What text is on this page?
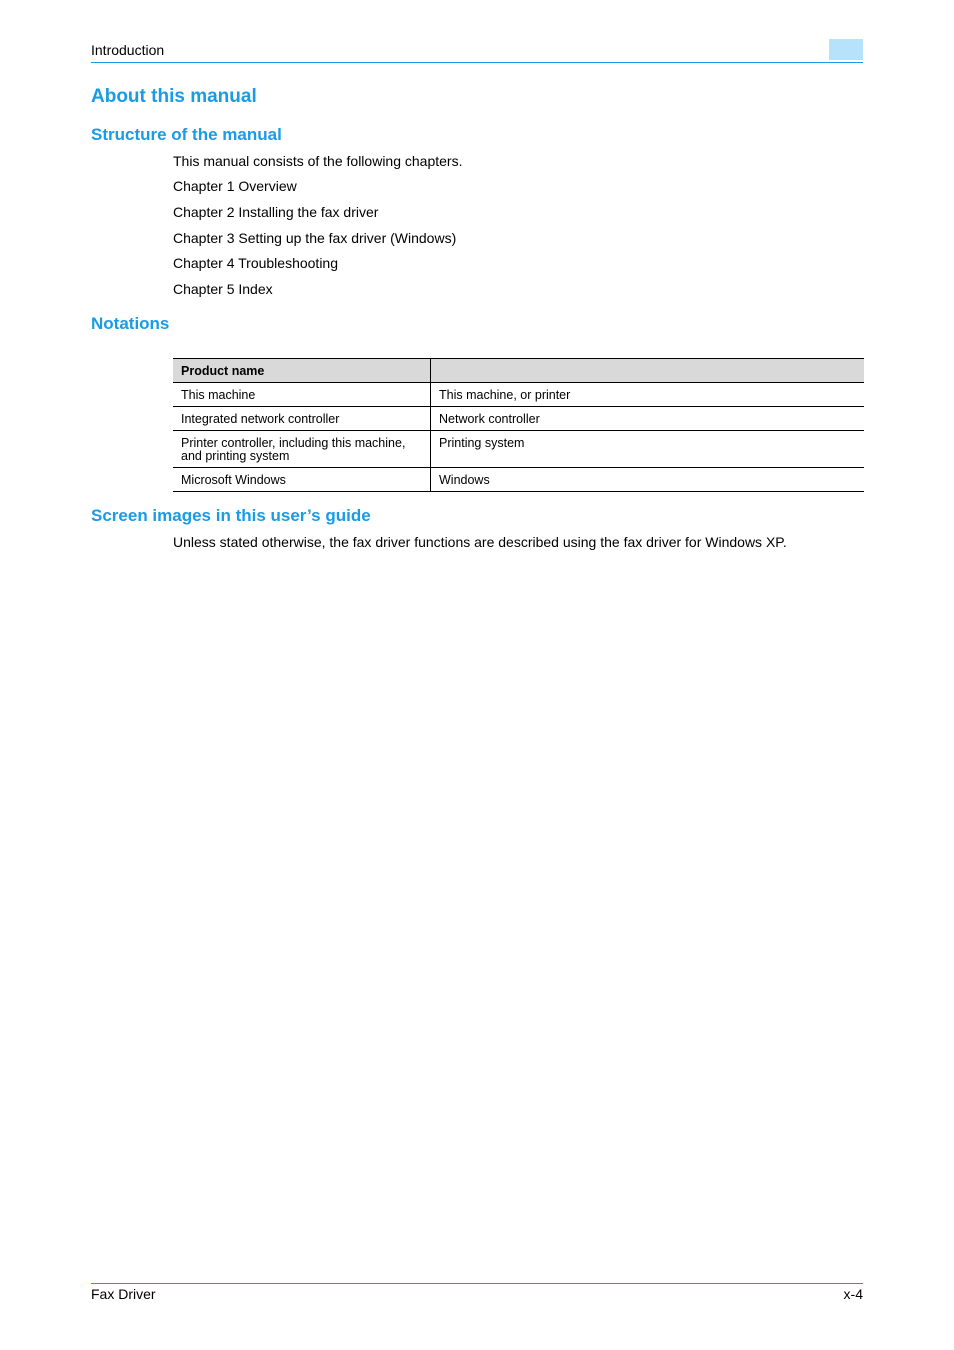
Introduction
About this manual
Structure of the manual
This manual consists of the following chapters.
Chapter 1 Overview
Chapter 2 Installing the fax driver
Chapter 3 Setting up the fax driver (Windows)
Chapter 4 Troubleshooting
Chapter 5 Index
Notations
Product name	
This machine	This machine, or printer
Integrated network controller	Network controller
Printer controller, including this machine, and printing system	Printing system
Microsoft Windows	Windows
Screen images in this user’s guide
Unless stated otherwise, the fax driver functions are described using the fax driver for Windows XP.
Fax Driver	x-4
